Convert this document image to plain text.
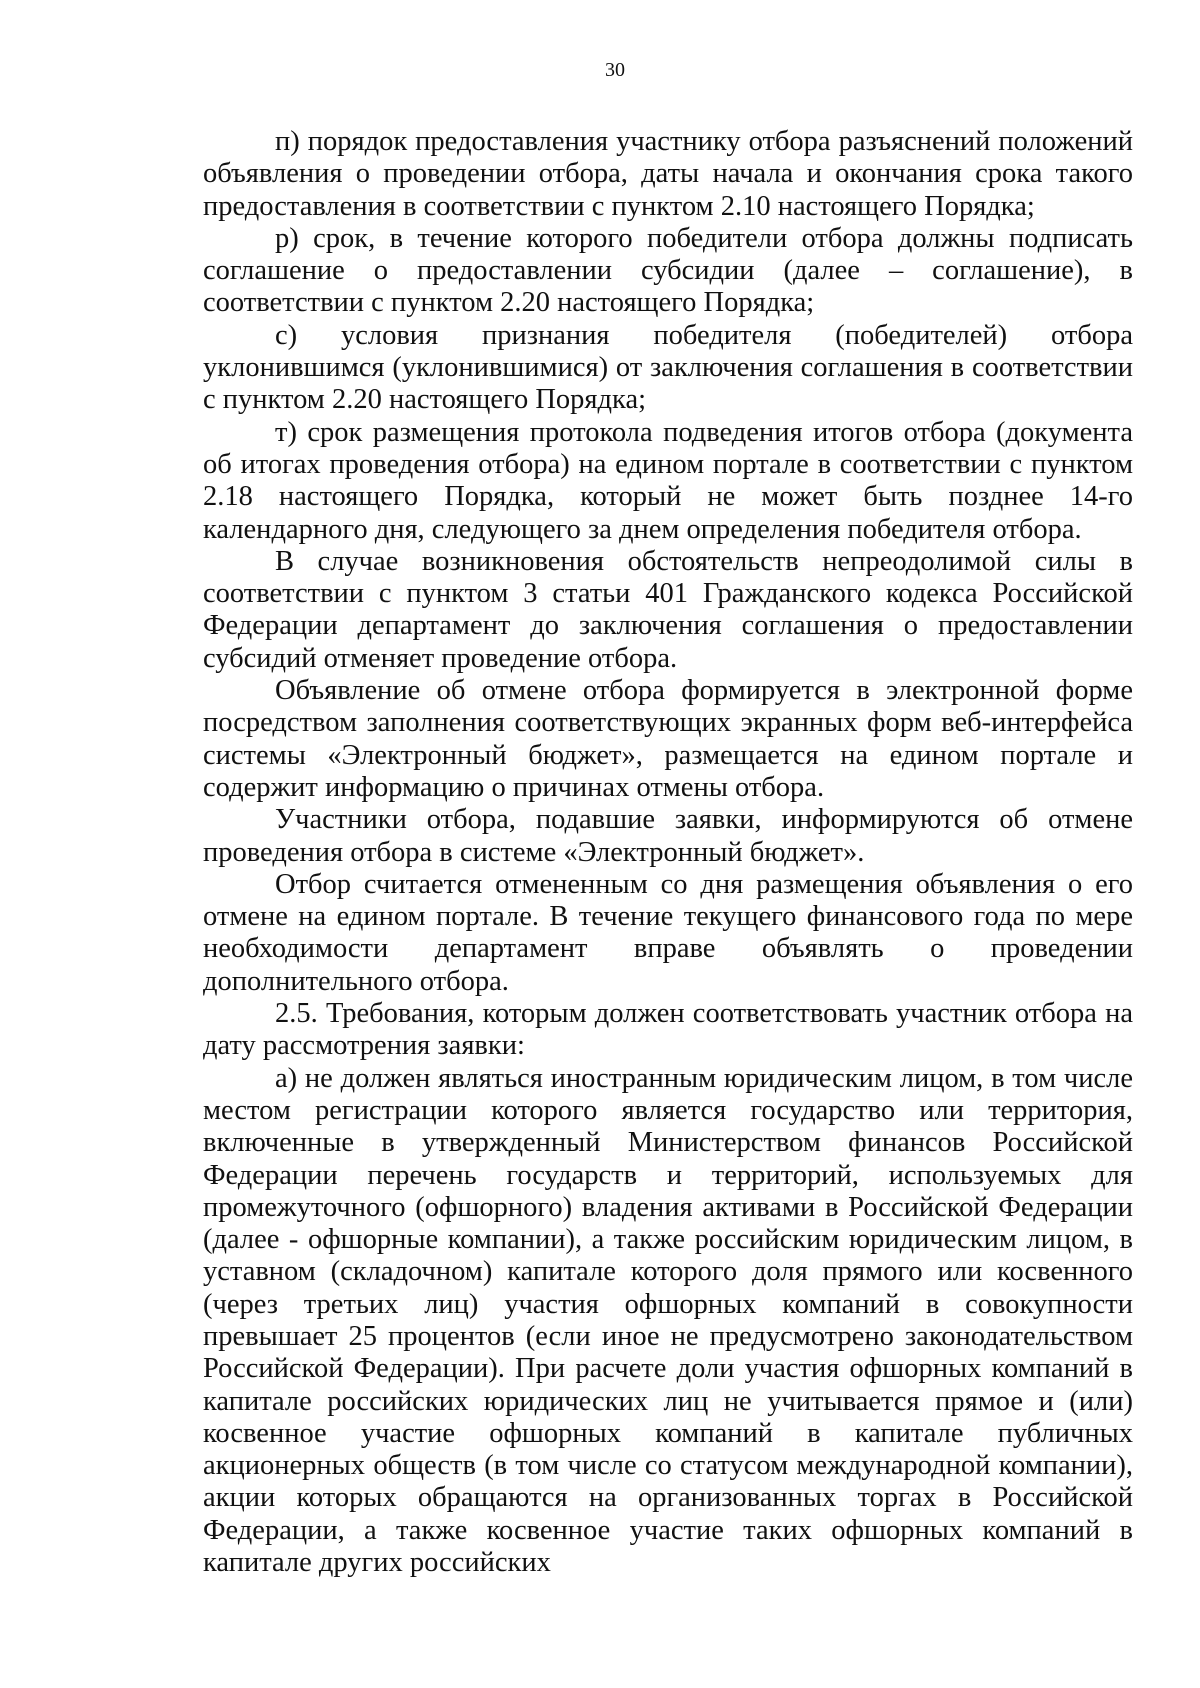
30

п) порядок предоставления участнику отбора разъяснений положений объявления о проведении отбора, даты начала и окончания срока такого предоставления в соответствии с пунктом 2.10 настоящего Порядка;

р) срок, в течение которого победители отбора должны подписать соглашение о предоставлении субсидии (далее – соглашение), в соответствии с пунктом 2.20 настоящего Порядка;

с) условия признания победителя (победителей) отбора уклонившимся (уклонившимися) от заключения соглашения в соответствии с пунктом 2.20 настоящего Порядка;

т) срок размещения протокола подведения итогов отбора (документа об итогах проведения отбора) на едином портале в соответствии с пунктом 2.18 настоящего Порядка, который не может быть позднее 14-го календарного дня, следующего за днем определения победителя отбора.

В случае возникновения обстоятельств непреодолимой силы в соответствии с пунктом 3 статьи 401 Гражданского кодекса Российской Федерации департамент до заключения соглашения о предоставлении субсидий отменяет проведение отбора.

Объявление об отмене отбора формируется в электронной форме посредством заполнения соответствующих экранных форм веб-интерфейса системы «Электронный бюджет», размещается на едином портале и содержит информацию о причинах отмены отбора.

Участники отбора, подавшие заявки, информируются об отмене проведения отбора в системе «Электронный бюджет».

Отбор считается отмененным со дня размещения объявления о его отмене на едином портале. В течение текущего финансового года по мере необходимости департамент вправе объявлять о проведении дополнительного отбора.

2.5. Требования, которым должен соответствовать участник отбора на дату рассмотрения заявки:

а) не должен являться иностранным юридическим лицом, в том числе местом регистрации которого является государство или территория, включенные в утвержденный Министерством финансов Российской Федерации перечень государств и территорий, используемых для промежуточного (офшорного) владения активами в Российской Федерации (далее - офшорные компании), а также российским юридическим лицом, в уставном (складочном) капитале которого доля прямого или косвенного (через третьих лиц) участия офшорных компаний в совокупности превышает 25 процентов (если иное не предусмотрено законодательством Российской Федерации). При расчете доли участия офшорных компаний в капитале российских юридических лиц не учитывается прямое и (или) косвенное участие офшорных компаний в капитале публичных акционерных обществ (в том числе со статусом международной компании), акции которых обращаются на организованных торгах в Российской Федерации, а также косвенное участие таких офшорных компаний в капитале других российских
